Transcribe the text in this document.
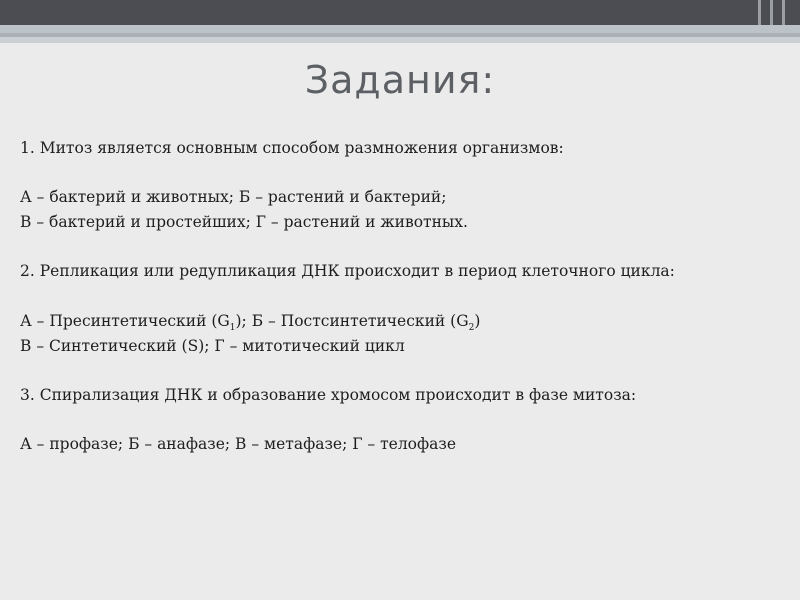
Задания:
1. Митоз является основным способом размножения организмов:
А – бактерий и животных; Б – растений и бактерий;
В – бактерий и простейших; Г – растений и животных.
2. Репликация или редупликация ДНК происходит в период клеточного цикла:
А – Пресинтетический $(G_1)$; Б – Постсинтетический $(G_2)$
В – Синтетический (S); Г – митотический цикл
3. Спирализация ДНК и образование хромосом происходит в фазе митоза:
А – профазе; Б – анафазе; В – метафазе; Г – телофазе
